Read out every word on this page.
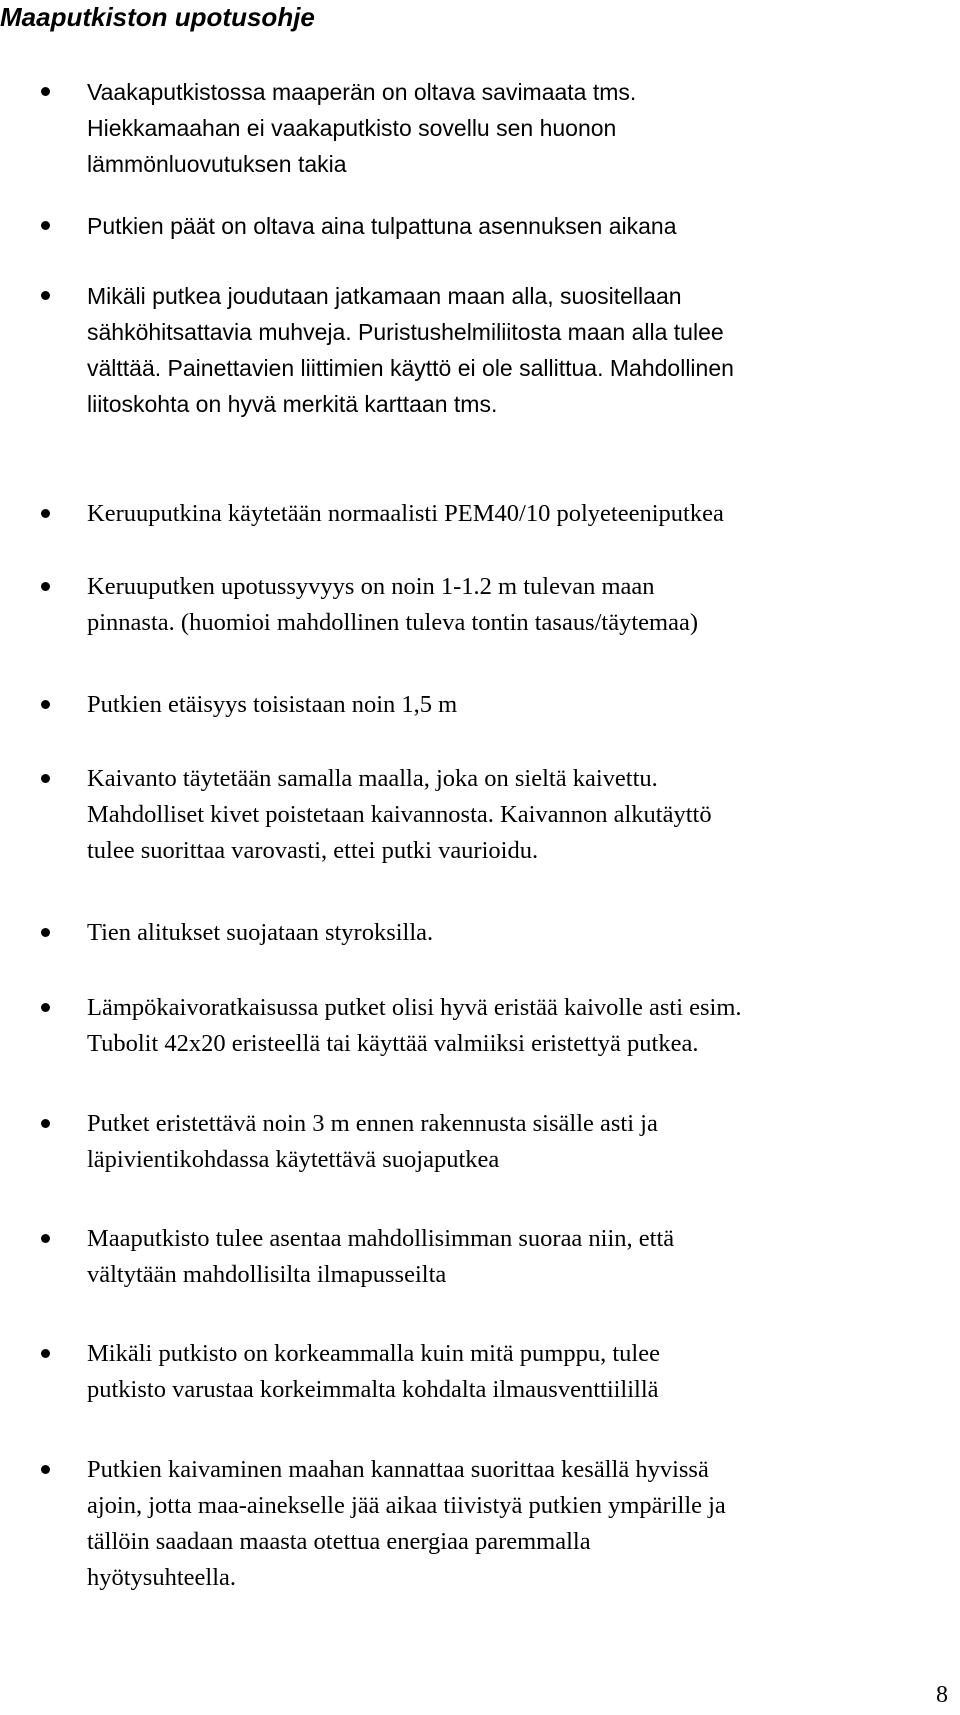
Maaputkiston upotusohje

Vaakaputkistossa maaperän on oltava savimaata tms.
Hiekkamaahan ei vaakaputkisto sovellu sen huonon
lämmönluovutuksen takia

Putkien päät on oltava aina tulpattuna asennuksen aikana

Mikäli putkea joudutaan jatkamaan maan alla, suositellaan
sähköhitsattavia muhveja. Puristushelmiliitosta maan alla tulee
välttää. Painettavien liittimien käyttö ei ole sallittua. Mahdollinen
liitoskohta on hyvä merkitä karttaan tms.

Keruuputkina käytetään normaalisti PEM40/10 polyeteeniputkea

Keruuputken upotussyvyys on noin 1-1.2 m tulevan maan
pinnasta. (huomioi mahdollinen tuleva tontin tasaus/täytemaa)

Putkien etäisyys toisistaan noin 1,5 m

Kaivanto täytetään samalla maalla, joka on sieltä kaivettu.
Mahdolliset kivet poistetaan kaivannosta. Kaivannon alkutäyttö
tulee suorittaa varovasti, ettei putki vaurioidu.

Tien alitukset suojataan styroksilla.

Lämpökaivoratkaisussa putket olisi hyvä eristää kaivolle asti esim.
Tubolit 42x20 eristeellä tai käyttää valmiiksi eristettyä putkea.

Putket eristettävä noin 3 m ennen rakennusta sisälle asti ja
läpivientikohdassa käytettävä suojaputkea

Maaputkisto tulee asentaa mahdollisimman suoraa niin, että
vältytään mahdollisilta ilmapusseilta

Mikäli putkisto on korkeammalla kuin mitä pumppu, tulee
putkisto varustaa korkeimmalta kohdalta ilmausventtiilillä

Putkien kaivaminen maahan kannattaa suorittaa kesällä hyvissä
ajoin, jotta maa-ainekselle jää aikaa tiivistyä putkien ympärille ja
tällöin saadaan maasta otettua energiaa paremmalla
hyötysuhteella.

8
